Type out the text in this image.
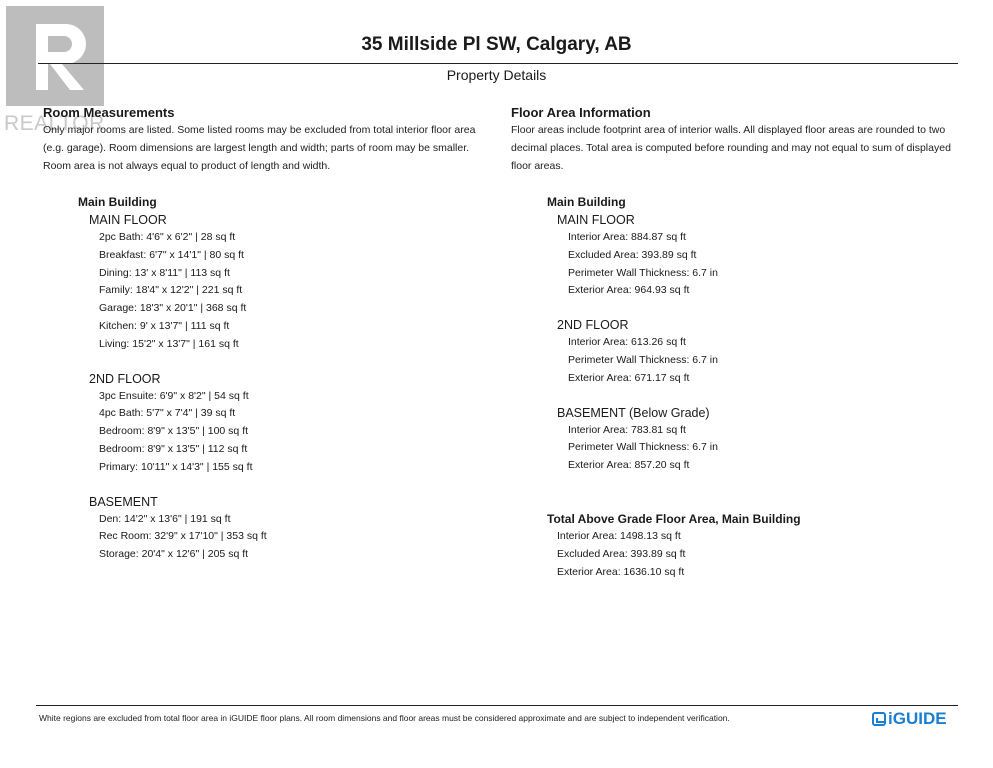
REALTOR
35 Millside Pl SW, Calgary, AB
Property Details
Room Measurements
Only major rooms are listed. Some listed rooms may be excluded from total interior floor area
(e.g. garage). Room dimensions are largest length and width; parts of room may be smaller.
Room area is not always equal to product of length and width.
Main Building
MAIN FLOOR
2pc Bath: 4'6" x 6'2" | 28 sq ft
Breakfast: 6'7" x 14'1" | 80 sq ft
Dining: 13' x 8'11" | 113 sq ft
Family: 18'4" x 12'2" | 221 sq ft
Garage: 18'3" x 20'1" | 368 sq ft
Kitchen: 9' x 13'7" | 111 sq ft
Living: 15'2" x 13'7" | 161 sq ft
2ND FLOOR
3pc Ensuite: 6'9" x 8'2" | 54 sq ft
4pc Bath: 5'7" x 7'4" | 39 sq ft
Bedroom: 8'9" x 13'5" | 100 sq ft
Bedroom: 8'9" x 13'5" | 112 sq ft
Primary: 10'11" x 14'3" | 155 sq ft
BASEMENT
Den: 14'2" x 13'6" | 191 sq ft
Rec Room: 32'9" x 17'10" | 353 sq ft
Storage: 20'4" x 12'6" | 205 sq ft
Floor Area Information
Floor areas include footprint area of interior walls. All displayed floor areas are rounded to two
decimal places. Total area is computed before rounding and may not equal to sum of displayed
floor areas.
Main Building
MAIN FLOOR
Interior Area: 884.87 sq ft
Excluded Area: 393.89 sq ft
Perimeter Wall Thickness: 6.7 in
Exterior Area: 964.93 sq ft
2ND FLOOR
Interior Area: 613.26 sq ft
Perimeter Wall Thickness: 6.7 in
Exterior Area: 671.17 sq ft
BASEMENT (Below Grade)
Interior Area: 783.81 sq ft
Perimeter Wall Thickness: 6.7 in
Exterior Area: 857.20 sq ft
Total Above Grade Floor Area, Main Building
Interior Area: 1498.13 sq ft
Excluded Area: 393.89 sq ft
Exterior Area: 1636.10 sq ft
White regions are excluded from total floor area in iGUIDE floor plans. All room dimensions and floor areas must be considered approximate and are subject to independent verification.	iGUIDE
